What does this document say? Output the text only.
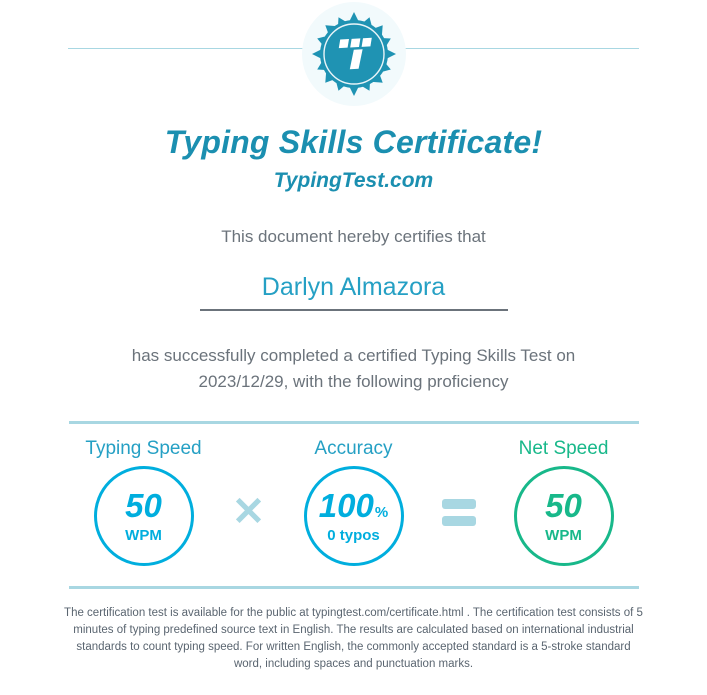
Typing Skills Certificate!
TypingTest.com
This document hereby certifies that
Darlyn Almazora
has successfully completed a certified Typing Skills Test on 2023/12/29, with the following proficiency
Typing Speed
50
WPM
✕
Accuracy
100 %
0 typos
Net Speed
50
WPM
The certification test is available for the public at typingtest.com/certificate.html . The certification test consists of 5 minutes of typing predefined source text in English. The results are calculated based on international industrial standards to count typing speed. For written English, the commonly accepted standard is a 5-stroke standard word, including spaces and punctuation marks.
